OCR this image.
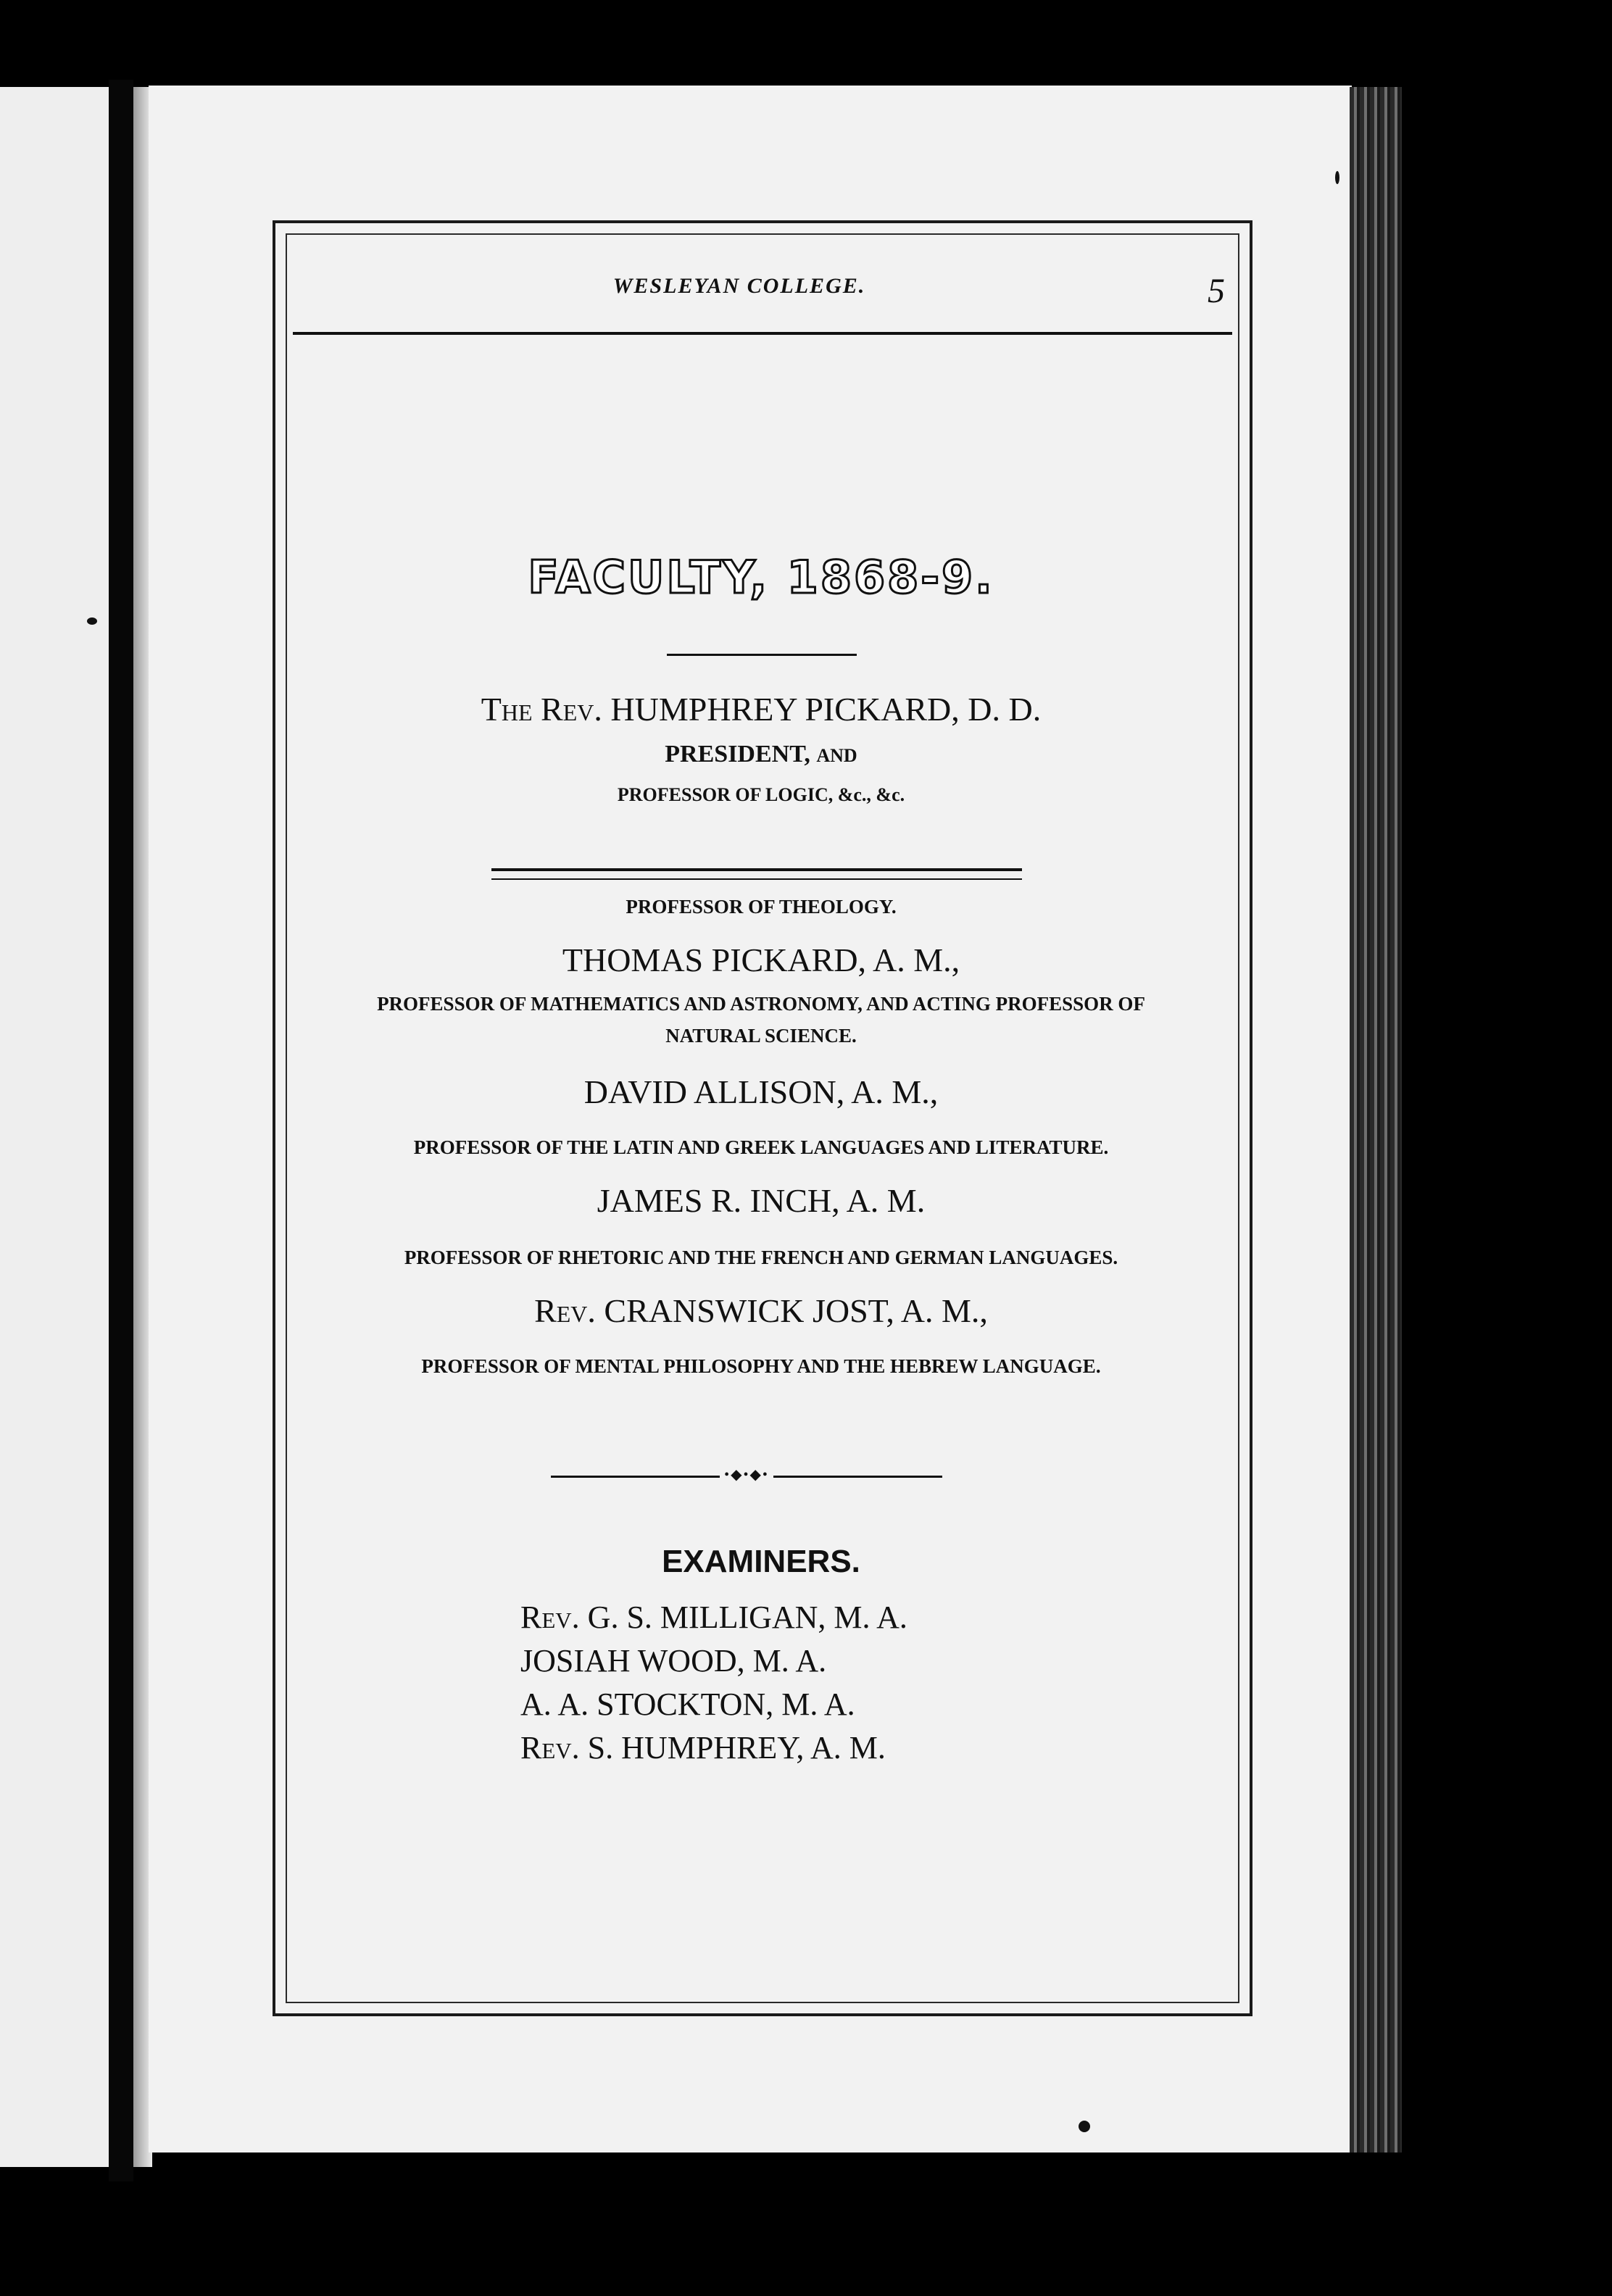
WESLEYAN COLLEGE.	5
FACULTY, 1868-9.
The Rev. HUMPHREY PICKARD, D. D.
PRESIDENT, AND
PROFESSOR OF LOGIC, &c., &c.
PROFESSOR OF THEOLOGY.
THOMAS PICKARD, A. M.,
PROFESSOR OF MATHEMATICS AND ASTRONOMY, AND ACTING PROFESSOR OF
NATURAL SCIENCE.
DAVID ALLISON, A. M.,
PROFESSOR OF THE LATIN AND GREEK LANGUAGES AND LITERATURE.
JAMES R. INCH, A. M.
PROFESSOR OF RHETORIC AND THE FRENCH AND GERMAN LANGUAGES.
Rev. CRANSWICK JOST, A. M.,
PROFESSOR OF MENTAL PHILOSOPHY AND THE HEBREW LANGUAGE.
•◆•◆•
EXAMINERS.
Rev. G. S. MILLIGAN, M. A.
JOSIAH WOOD, M. A.
A. A. STOCKTON, M. A.
Rev. S. HUMPHREY, A. M.
